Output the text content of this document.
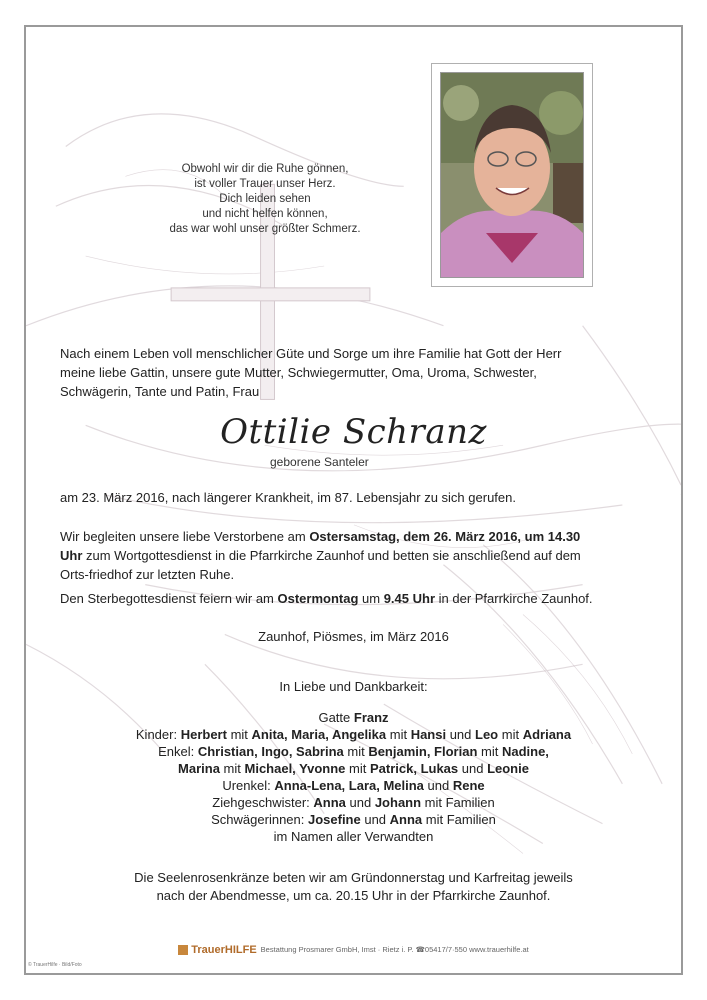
Obwohl wir dir die Ruhe gönnen,
ist voller Trauer unser Herz.
Dich leiden sehen
und nicht helfen können,
das war wohl unser größter Schmerz.
Nach einem Leben voll menschlicher Güte und Sorge um ihre Familie hat Gott der Herr meine liebe Gattin, unsere gute Mutter, Schwiegermutter, Oma, Uroma, Schwester, Schwägerin, Tante und Patin, Frau
Ottilie Schranz
geborene Santeler
am 23. März 2016, nach längerer Krankheit, im 87. Lebensjahr zu sich gerufen.
Wir begleiten unsere liebe Verstorbene am Ostersamstag, dem 26. März 2016, um 14.30 Uhr zum Wortgottesdienst in die Pfarrkirche Zaunhof und betten sie anschließend auf dem Orts-friedhof zur letzten Ruhe.
Den Sterbegottesdienst feiern wir am Ostermontag um 9.45 Uhr in der Pfarrkirche Zaunhof.
Zaunhof, Piösmes, im März 2016
In Liebe und Dankbarkeit:
Gatte Franz
Kinder: Herbert mit Anita, Maria, Angelika mit Hansi und Leo mit Adriana
Enkel: Christian, Ingo, Sabrina mit Benjamin, Florian mit Nadine,
Marina mit Michael, Yvonne mit Patrick, Lukas und Leonie
Urenkel: Anna-Lena, Lara, Melina und Rene
Ziehgeschwister: Anna und Johann mit Familien
Schwägerinnen: Josefine und Anna mit Familien
im Namen aller Verwandten
Die Seelenrosenkränze beten wir am Gründonnerstag und Karfreitag jeweils
nach der Abendmesse, um ca. 20.15 Uhr in der Pfarrkirche Zaunhof.
TrauerHILFE Bestattung Prosmarer GmbH, Imst · Rietz i. P. ☎05417/7·550 www.trauerhilfe.at
© TrauerHilfe · Bild/Foto
